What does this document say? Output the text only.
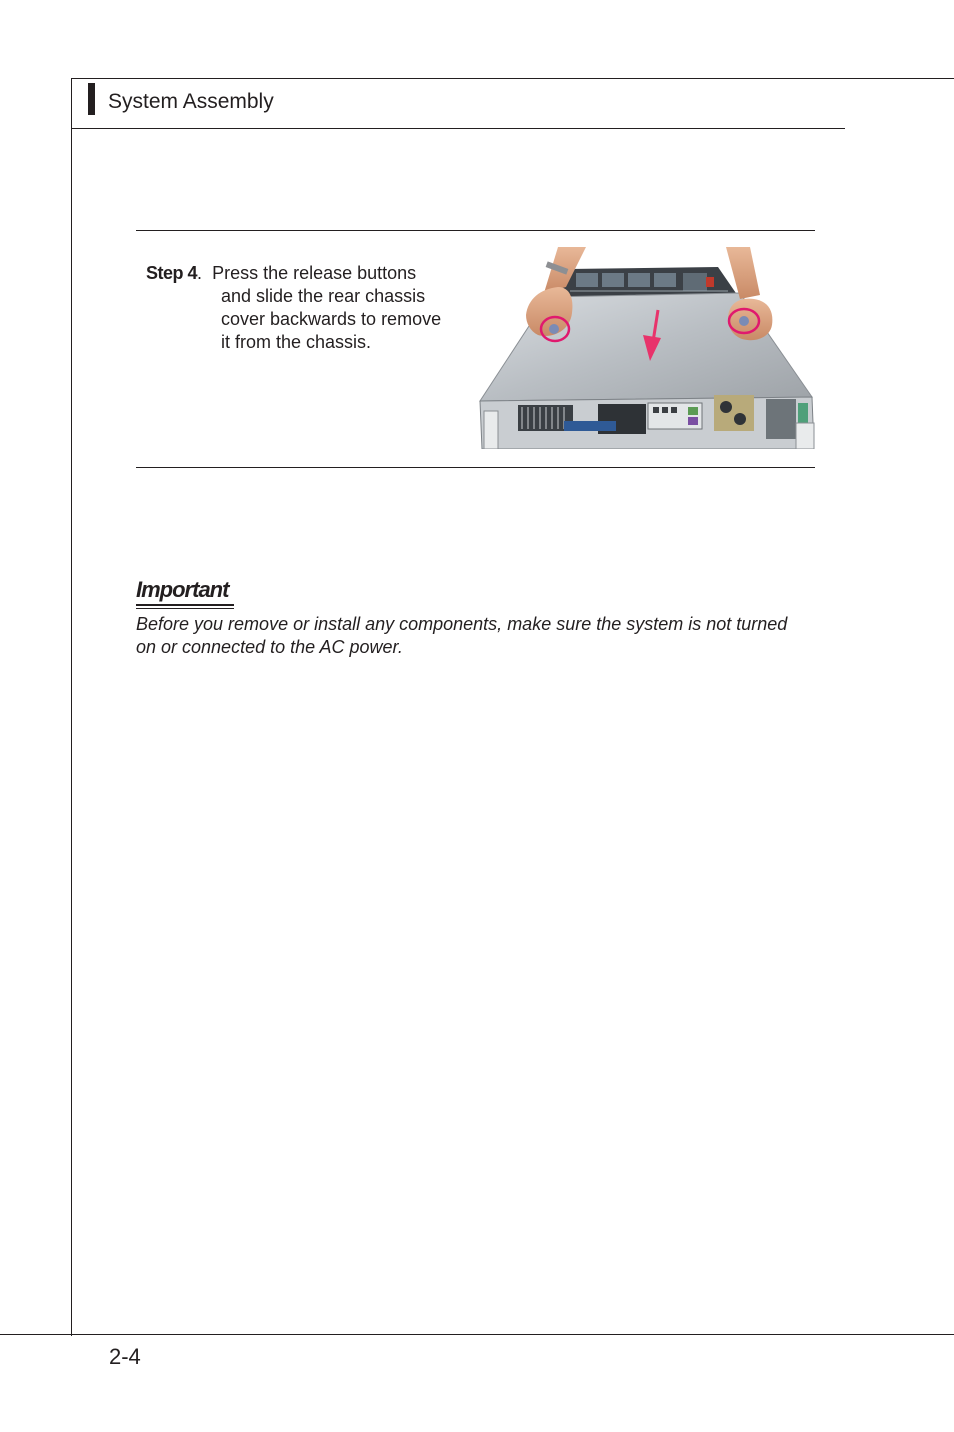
System Assembly
Step 4. Press the release buttons
and slide the rear chassis
cover backwards to remove
it from the chassis.
Important
Before you remove or install any components, make sure the system is not turned
on or connected to the AC power.
2-4
